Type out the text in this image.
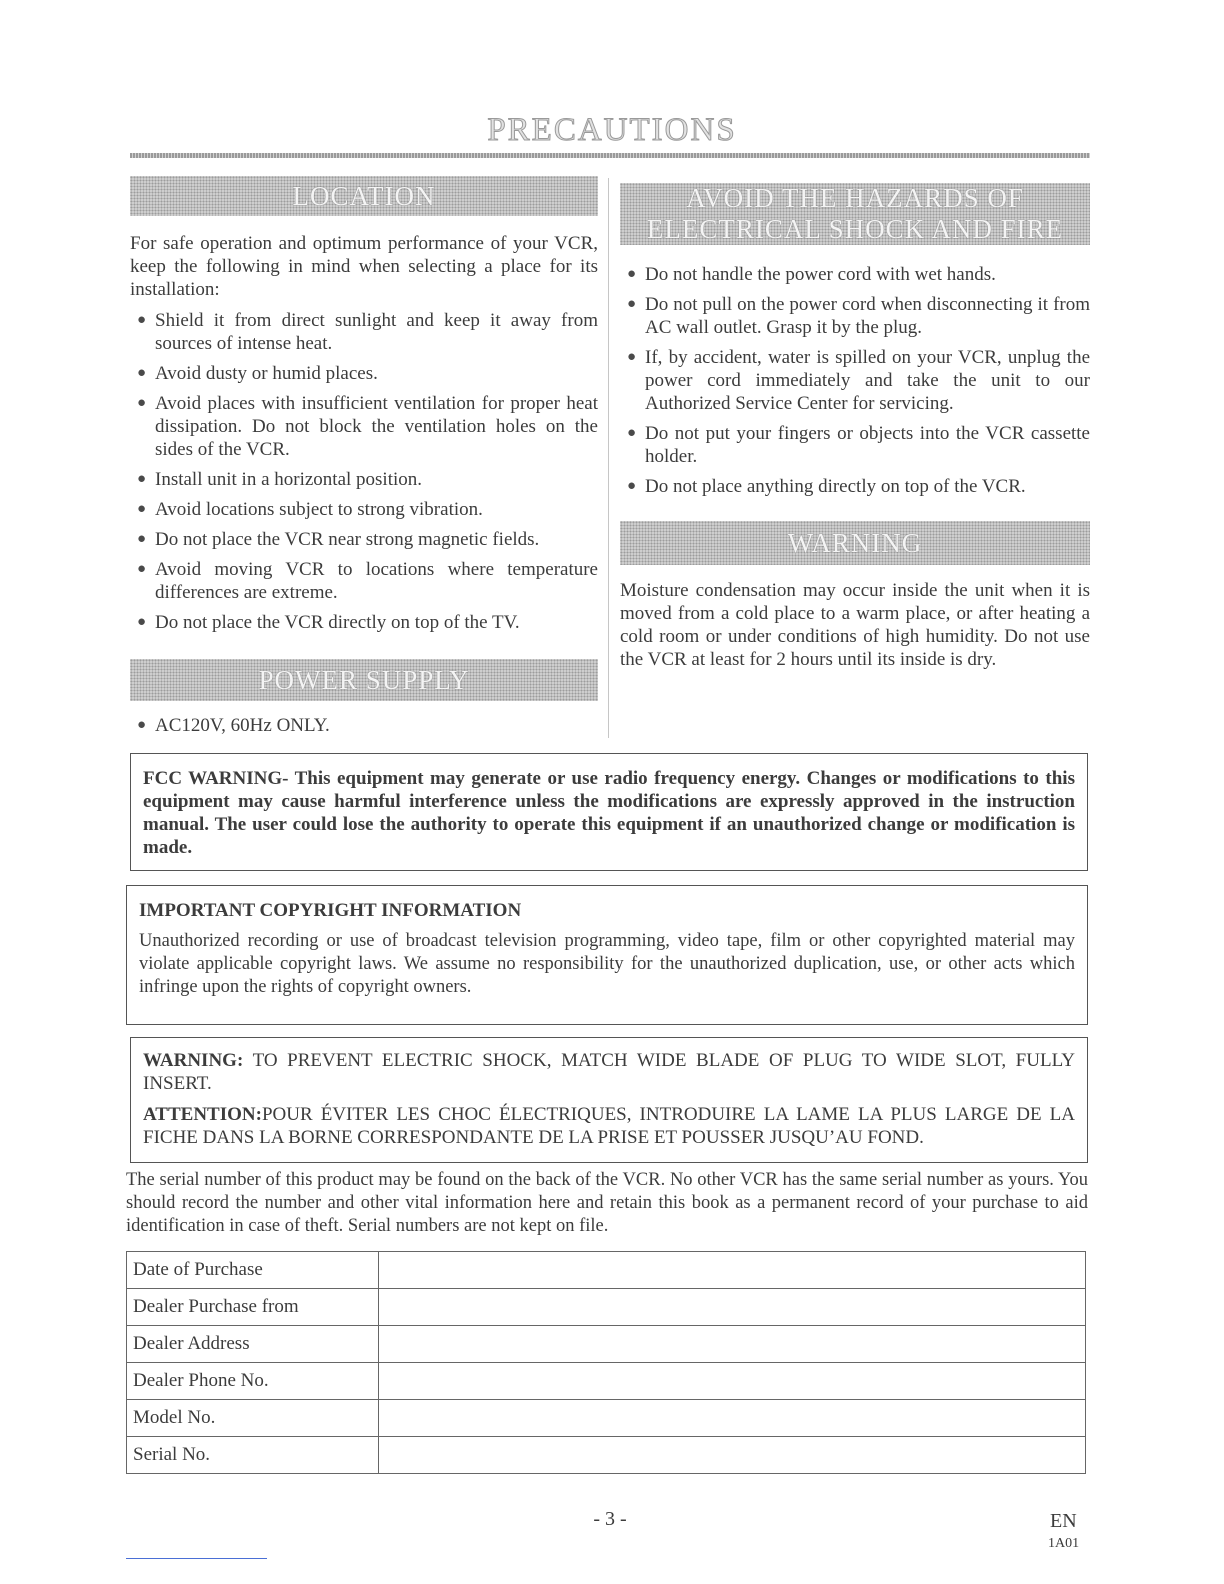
PRECAUTIONS
LOCATION

For safe operation and optimum performance of your VCR, keep the following in mind when selecting a place for its installation:

● Shield it from direct sunlight and keep it away from sources of intense heat.
● Avoid dusty or humid places.
● Avoid places with insufficient ventilation for proper heat dissipation. Do not block the ventilation holes on the sides of the VCR.
● Install unit in a horizontal position.
● Avoid locations subject to strong vibration.
● Do not place the VCR near strong magnetic fields.
● Avoid moving VCR to locations where temperature differences are extreme.
● Do not place the VCR directly on top of the TV.
POWER SUPPLY
● AC120V, 60Hz ONLY.
AVOID THE HAZARDS OF
ELECTRICAL SHOCK AND FIRE
● Do not handle the power cord with wet hands.
● Do not pull on the power cord when disconnecting it from AC wall outlet. Grasp it by the plug.
● If, by accident, water is spilled on your VCR, unplug the power cord immediately and take the unit to our Authorized Service Center for servicing.
● Do not put your fingers or objects into the VCR cassette holder.
● Do not place anything directly on top of the VCR.
WARNING

Moisture condensation may occur inside the unit when it is moved from a cold place to a warm place, or after heating a cold room or under conditions of high humidity. Do not use the VCR at least for 2 hours until its inside is dry.

FCC WARNING- This equipment may generate or use radio frequency energy. Changes or modifications to this equipment may cause harmful interference unless the modifications are expressly approved in the instruction manual. The user could lose the authority to operate this equipment if an unauthorized change or modification is made.
IMPORTANT COPYRIGHT INFORMATION
Unauthorized recording or use of broadcast television programming, video tape, film or other copyrighted material may violate applicable copyright laws. We assume no responsibility for the unauthorized duplication, use, or other acts which infringe upon the rights of copyright owners.
WARNING: TO PREVENT ELECTRIC SHOCK, MATCH WIDE BLADE OF PLUG TO WIDE SLOT, FULLY INSERT.
ATTENTION:POUR ÉVITER LES CHOC ÉLECTRIQUES, INTRODUIRE LA LAME LA PLUS LARGE DE LA FICHE DANS LA BORNE CORRESPONDANTE DE LA PRISE ET POUSSER JUSQU’AU FOND.

The serial number of this product may be found on the back of the VCR. No other VCR has the same serial number as yours. You should record the number and other vital information here and retain this book as a permanent record of your purchase to aid identification in case of theft. Serial numbers are not kept on file.

Date of Purchase	
Dealer Purchase from	
Dealer Address	
Dealer Phone No.	
Model No.	
Serial No.	
- 3 -	EN
1A01
